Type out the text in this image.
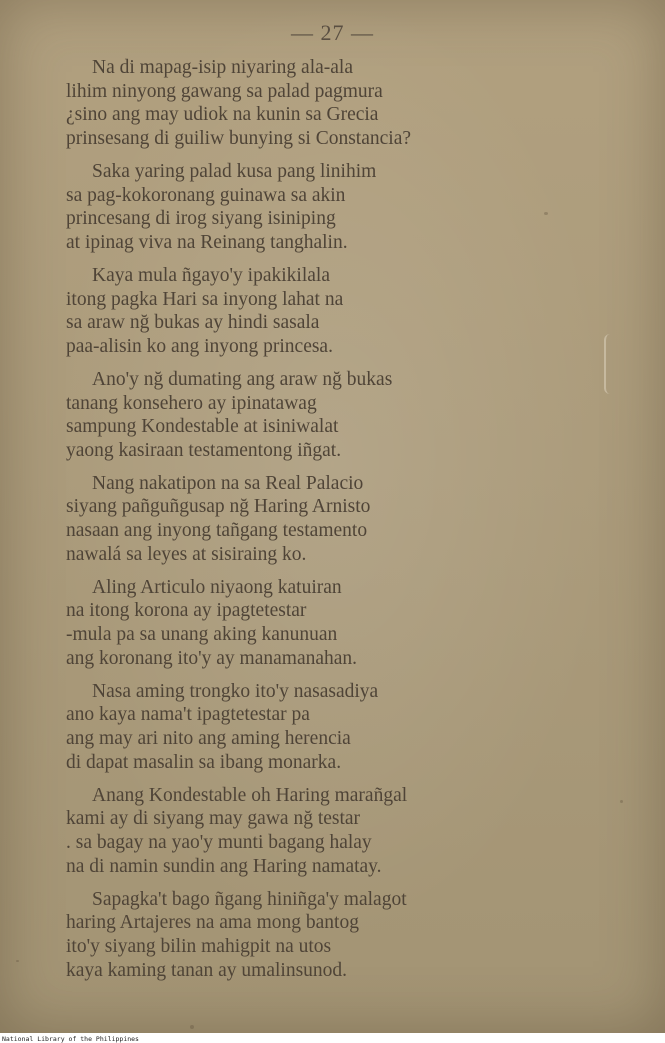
— 27 —
Na di mapag-isip niyaring ala-ala
lihim ninyong gawang sa palad pagmura
¿sino ang may udiok na kunin sa Grecia
prinsesang di guiliw bunying si Constancia?
Saka yaring palad kusa pang linihim
sa pag-kokoronang guinawa sa akin
princesang di irog siyang isiniping
at ipinag viva na Reinang tanghalin.
Kaya mula ñgayo'y ipakikilala
itong pagka Hari sa inyong lahat na
sa araw nğ bukas ay hindi sasala
paa-alisin ko ang inyong princesa.
Ano'y nğ dumating ang araw nğ bukas
tanang konsehero ay ipinatawag
sampung Kondestable at isiniwalat
yaong kasiraan testamentong iñgat.
Nang nakatipon na sa Real Palacio
siyang pañguñgusap nğ Haring Arnisto
nasaan ang inyong tañgang testamento
nawalá sa leyes at sisiraing ko.
Aling Articulo niyaong katuiran
na itong korona ay ipagtetestar
-mula pa sa unang aking kanunuan
ang koronang ito'y ay manamanahan.
Nasa aming trongko ito'y nasasadiya
ano kaya nama't ipagtetestar pa
ang may ari nito ang aming herencia
di dapat masalin sa ibang monarka.
Anang Kondestable oh Haring marañgal
kami ay di siyang may gawa nğ testar
. sa bagay na yao'y munti bagang halay
na di namin sundin ang Haring namatay.
Sapagka't bago ñgang hiniñga'y malagot
haring Artajeres na ama mong bantog
ito'y siyang bilin mahigpit na utos
kaya kaming tanan ay umalinsunod.
National Library of the Philippines
